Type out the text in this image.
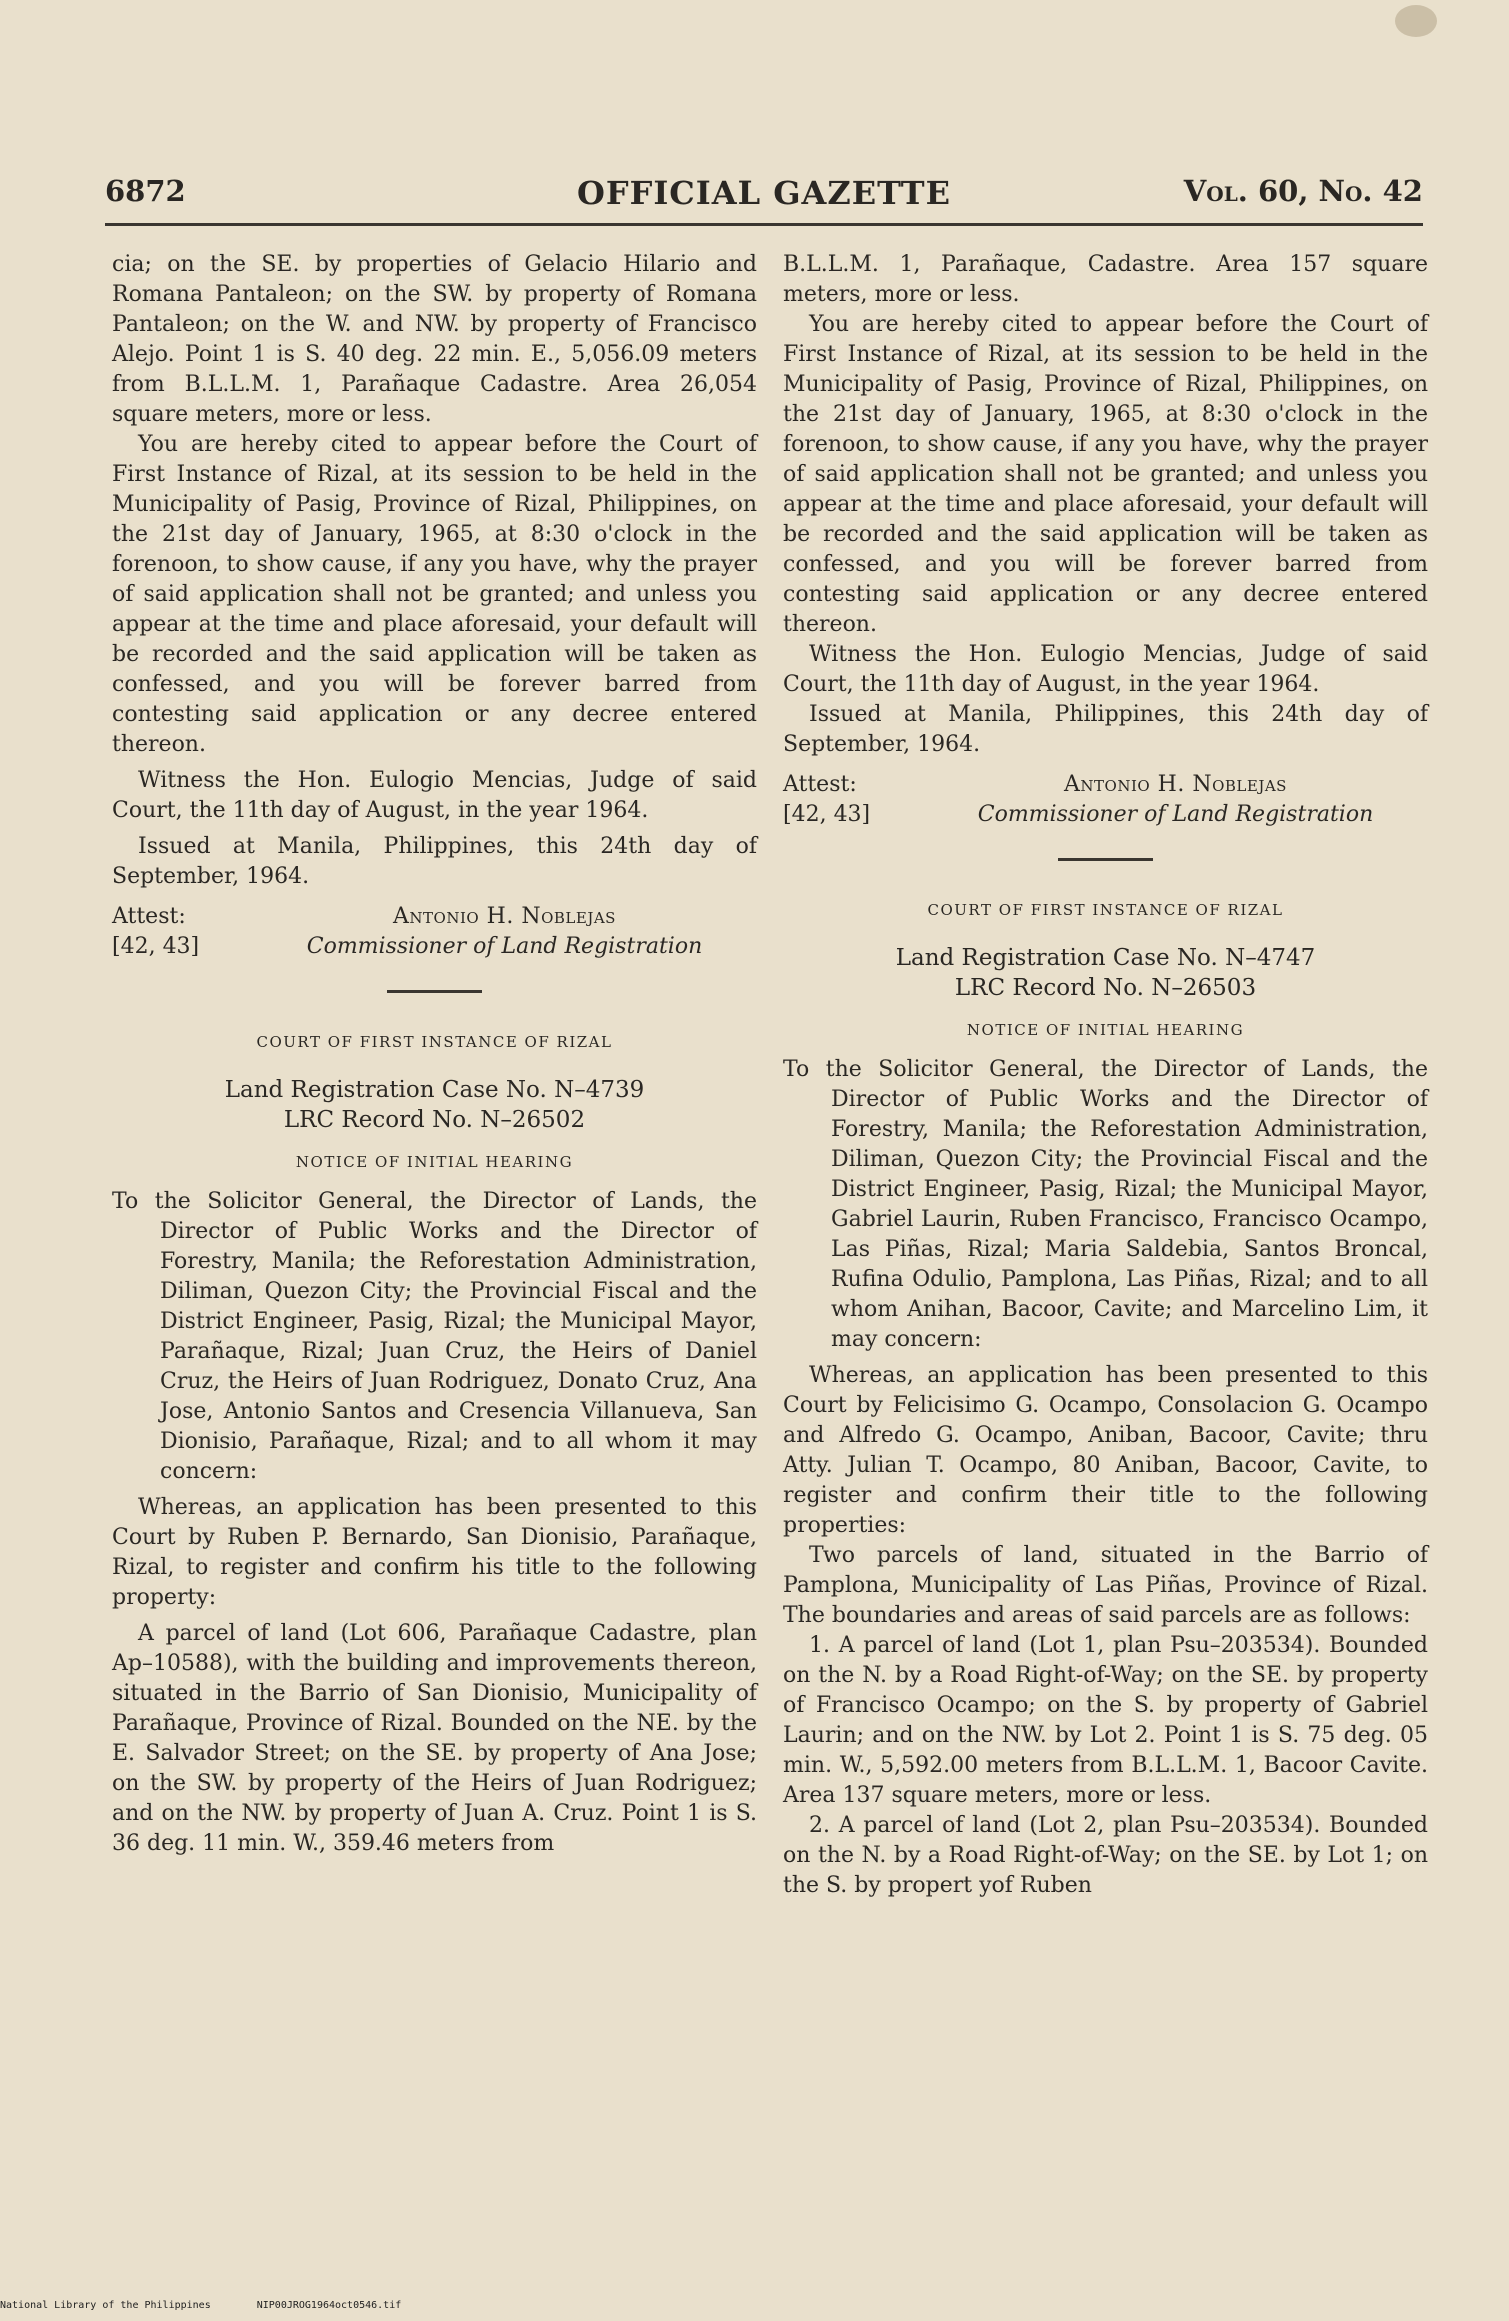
6872	OFFICIAL GAZETTE	Vol. 60, No. 42

cia; on the SE. by properties of Gelacio Hilario and Romana Pantaleon; on the SW. by property of Romana Pantaleon; on the W. and NW. by property of Francisco Alejo. Point 1 is S. 40 deg. 22 min. E., 5,056.09 meters from B.L.L.M. 1, Parañaque Cadastre. Area 26,054 square meters, more or less.

You are hereby cited to appear before the Court of First Instance of Rizal, at its session to be held in the Municipality of Pasig, Province of Rizal, Philippines, on the 21st day of January, 1965, at 8:30 o'clock in the forenoon, to show cause, if any you have, why the prayer of said application shall not be granted; and unless you appear at the time and place aforesaid, your default will be recorded and the said application will be taken as confessed, and you will be forever barred from contesting said application or any decree entered thereon.

Witness the Hon. Eulogio Mencias, Judge of said Court, the 11th day of August, in the year 1964.

Issued at Manila, Philippines, this 24th day of September, 1964.

Attest:
[42, 43]
Antonio H. Noblejas
Commissioner of Land Registration
COURT OF FIRST INSTANCE OF RIZAL
Land Registration Case No. N–4739
LRC Record No. N–26502
NOTICE OF INITIAL HEARING

To the Solicitor General, the Director of Lands, the Director of Public Works and the Director of Forestry, Manila; the Reforestation Administration, Diliman, Quezon City; the Provincial Fiscal and the District Engineer, Pasig, Rizal; the Municipal Mayor, Parañaque, Rizal; Juan Cruz, the Heirs of Daniel Cruz, the Heirs of Juan Rodriguez, Donato Cruz, Ana Jose, Antonio Santos and Cresencia Villanueva, San Dionisio, Parañaque, Rizal; and to all whom it may concern:

Whereas, an application has been presented to this Court by Ruben P. Bernardo, San Dionisio, Parañaque, Rizal, to register and confirm his title to the following property:

A parcel of land (Lot 606, Parañaque Cadastre, plan Ap–10588), with the building and improvements thereon, situated in the Barrio of San Dionisio, Municipality of Parañaque, Province of Rizal. Bounded on the NE. by the E. Salvador Street; on the SE. by property of Ana Jose; on the SW. by property of the Heirs of Juan Rodriguez; and on the NW. by property of Juan A. Cruz. Point 1 is S. 36 deg. 11 min. W., 359.46 meters from

B.L.L.M. 1, Parañaque, Cadastre. Area 157 square meters, more or less.

You are hereby cited to appear before the Court of First Instance of Rizal, at its session to be held in the Municipality of Pasig, Province of Rizal, Philippines, on the 21st day of January, 1965, at 8:30 o'clock in the forenoon, to show cause, if any you have, why the prayer of said application shall not be granted; and unless you appear at the time and place aforesaid, your default will be recorded and the said application will be taken as confessed, and you will be forever barred from contesting said application or any decree entered thereon.

Witness the Hon. Eulogio Mencias, Judge of said Court, the 11th day of August, in the year 1964.

Issued at Manila, Philippines, this 24th day of September, 1964.

Attest:
[42, 43]
Antonio H. Noblejas
Commissioner of Land Registration
COURT OF FIRST INSTANCE OF RIZAL
Land Registration Case No. N–4747
LRC Record No. N–26503
NOTICE OF INITIAL HEARING

To the Solicitor General, the Director of Lands, the Director of Public Works and the Director of Forestry, Manila; the Reforestation Administration, Diliman, Quezon City; the Provincial Fiscal and the District Engineer, Pasig, Rizal; the Municipal Mayor, Gabriel Laurin, Ruben Francisco, Francisco Ocampo, Las Piñas, Rizal; Maria Saldebia, Santos Broncal, Rufina Odulio, Pamplona, Las Piñas, Rizal; and to all whom Anihan, Bacoor, Cavite; and Marcelino Lim, it may concern:

Whereas, an application has been presented to this Court by Felicisimo G. Ocampo, Consolacion G. Ocampo and Alfredo G. Ocampo, Aniban, Bacoor, Cavite; thru Atty. Julian T. Ocampo, 80 Aniban, Bacoor, Cavite, to register and confirm their title to the following properties:

Two parcels of land, situated in the Barrio of Pamplona, Municipality of Las Piñas, Province of Rizal. The boundaries and areas of said parcels are as follows:

1. A parcel of land (Lot 1, plan Psu–203534). Bounded on the N. by a Road Right-of-Way; on the SE. by property of Francisco Ocampo; on the S. by property of Gabriel Laurin; and on the NW. by Lot 2. Point 1 is S. 75 deg. 05 min. W., 5,592.00 meters from B.L.L.M. 1, Bacoor Cavite. Area 137 square meters, more or less.

2. A parcel of land (Lot 2, plan Psu–203534). Bounded on the N. by a Road Right-of-Way; on the SE. by Lot 1; on the S. by propert yof Ruben

National Library of the Philippines	NIP00JROG1964oct0546.tif
